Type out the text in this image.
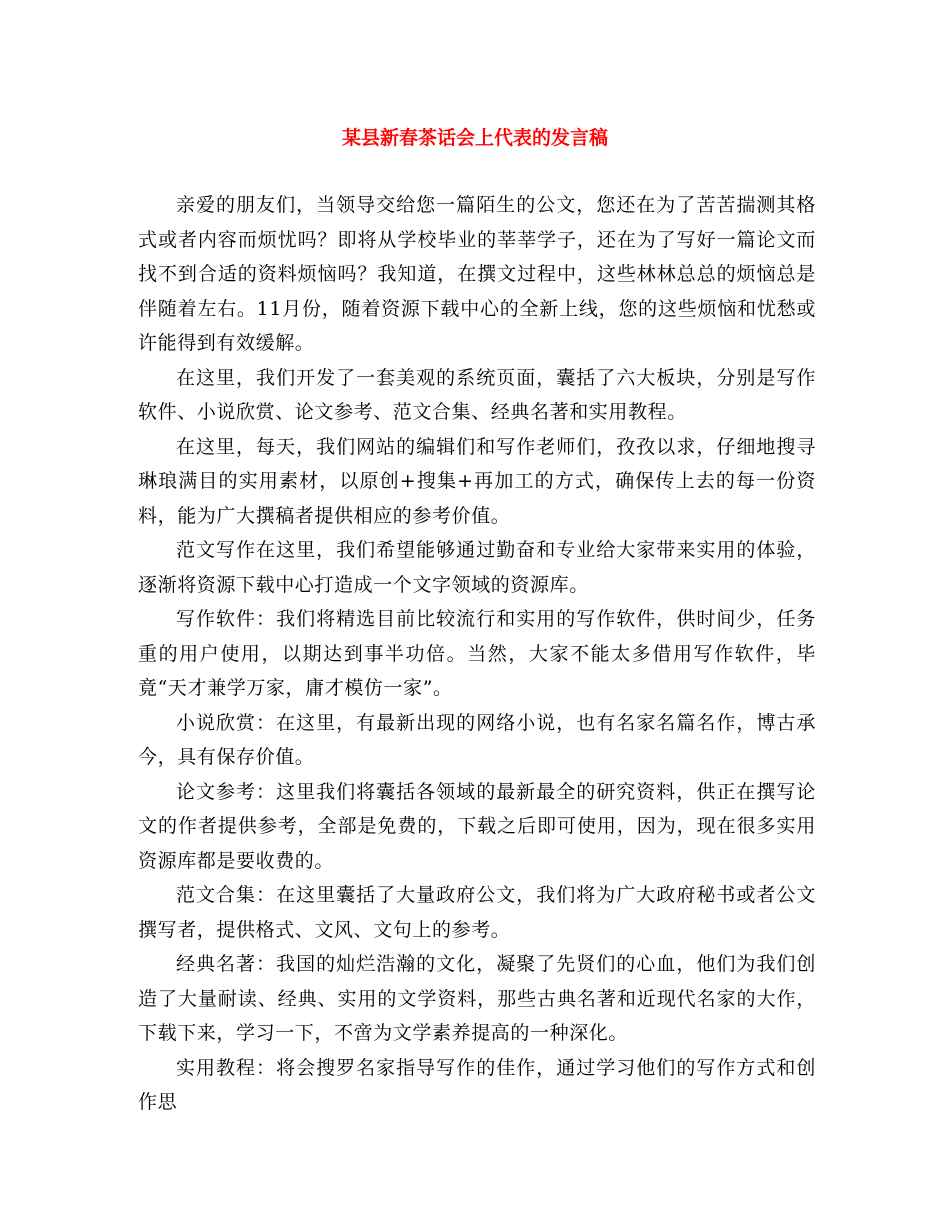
某县新春茶话会上代表的发言稿

亲爱的朋友们，当领导交给您一篇陌生的公文，您还在为了苦苦揣测其格式或者内容而烦忧吗？即将从学校毕业的莘莘学子，还在为了写好一篇论文而找不到合适的资料烦恼吗？我知道，在撰文过程中，这些林林总总的烦恼总是伴随着左右。11月份，随着资源下载中心的全新上线，您的这些烦恼和忧愁或许能得到有效缓解。

在这里，我们开发了一套美观的系统页面，囊括了六大板块，分别是写作软件、小说欣赏、论文参考、范文合集、经典名著和实用教程。

在这里，每天，我们网站的编辑们和写作老师们，孜孜以求，仔细地搜寻琳琅满目的实用素材，以原创+搜集+再加工的方式，确保传上去的每一份资料，能为广大撰稿者提供相应的参考价值。

范文写作在这里，我们希望能够通过勤奋和专业给大家带来实用的体验，逐渐将资源下载中心打造成一个文字领域的资源库。

写作软件：我们将精选目前比较流行和实用的写作软件，供时间少，任务重的用户使用，以期达到事半功倍。当然，大家不能太多借用写作软件，毕竟“天才兼学万家，庸才模仿一家”。

小说欣赏：在这里，有最新出现的网络小说，也有名家名篇名作，博古承今，具有保存价值。

论文参考：这里我们将囊括各领域的最新最全的研究资料，供正在撰写论文的作者提供参考，全部是免费的，下载之后即可使用，因为，现在很多实用资源库都是要收费的。

范文合集：在这里囊括了大量政府公文，我们将为广大政府秘书或者公文撰写者，提供格式、文风、文句上的参考。

经典名著：我国的灿烂浩瀚的文化，凝聚了先贤们的心血，他们为我们创造了大量耐读、经典、实用的文学资料，那些古典名著和近现代名家的大作，下载下来，学习一下，不啻为文学素养提高的一种深化。

实用教程：将会搜罗名家指导写作的佳作，通过学习他们的写作方式和创作思
